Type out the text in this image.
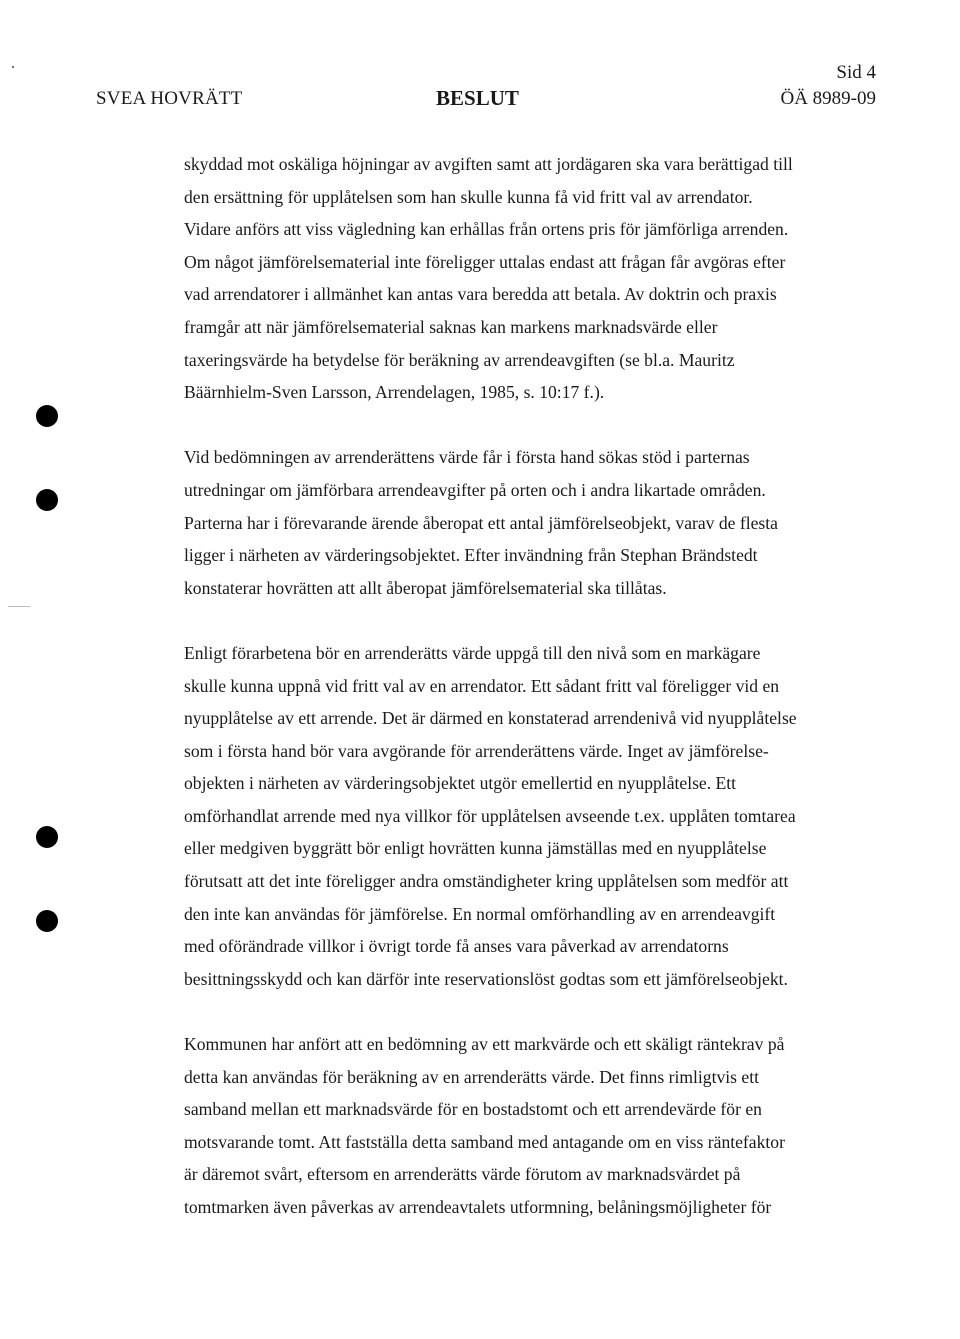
SVEA HOVRÄTT	BESLUT
Sid 4
ÖÄ 8989-09

skyddad mot oskäliga höjningar av avgiften samt att jordägaren ska vara berättigad till
den ersättning för upplåtelsen som han skulle kunna få vid fritt val av arrendator.
Vidare anförs att viss vägledning kan erhållas från ortens pris för jämförliga arrenden.
Om något jämförelsematerial inte föreligger uttalas endast att frågan får avgöras efter
vad arrendatorer i allmänhet kan antas vara beredda att betala. Av doktrin och praxis
framgår att när jämförelsematerial saknas kan markens marknadsvärde eller
taxeringsvärde ha betydelse för beräkning av arrendeavgiften (se bl.a. Mauritz
Bäärnhielm-Sven Larsson, Arrendelagen, 1985, s. 10:17 f.).

Vid bedömningen av arrenderättens värde får i första hand sökas stöd i parternas
utredningar om jämförbara arrendeavgifter på orten och i andra likartade områden.
Parterna har i förevarande ärende åberopat ett antal jämförelseobjekt, varav de flesta
ligger i närheten av värderingsobjektet. Efter invändning från Stephan Brändstedt
konstaterar hovrätten att allt åberopat jämförelsematerial ska tillåtas.

Enligt förarbetena bör en arrenderätts värde uppgå till den nivå som en markägare
skulle kunna uppnå vid fritt val av en arrendator. Ett sådant fritt val föreligger vid en
nyupplåtelse av ett arrende. Det är därmed en konstaterad arrendenivå vid nyupplåtelse
som i första hand bör vara avgörande för arrenderättens värde. Inget av jämförelse-
objekten i närheten av värderingsobjektet utgör emellertid en nyupplåtelse. Ett
omförhandlat arrende med nya villkor för upplåtelsen avseende t.ex. upplåten tomtarea
eller medgiven byggrätt bör enligt hovrätten kunna jämställas med en nyupplåtelse
förutsatt att det inte föreligger andra omständigheter kring upplåtelsen som medför att
den inte kan användas för jämförelse. En normal omförhandling av en arrendeavgift
med oförändrade villkor i övrigt torde få anses vara påverkad av arrendatorns
besittningsskydd och kan därför inte reservationslöst godtas som ett jämförelseobjekt.

Kommunen har anfört att en bedömning av ett markvärde och ett skäligt räntekrav på
detta kan användas för beräkning av en arrenderätts värde. Det finns rimligtvis ett
samband mellan ett marknadsvärde för en bostadstomt och ett arrendevärde för en
motsvarande tomt. Att fastställa detta samband med antagande om en viss räntefaktor
är däremot svårt, eftersom en arrenderätts värde förutom av marknadsvärdet på
tomtmarken även påverkas av arrendeavtalets utformning, belåningsmöjligheter för
